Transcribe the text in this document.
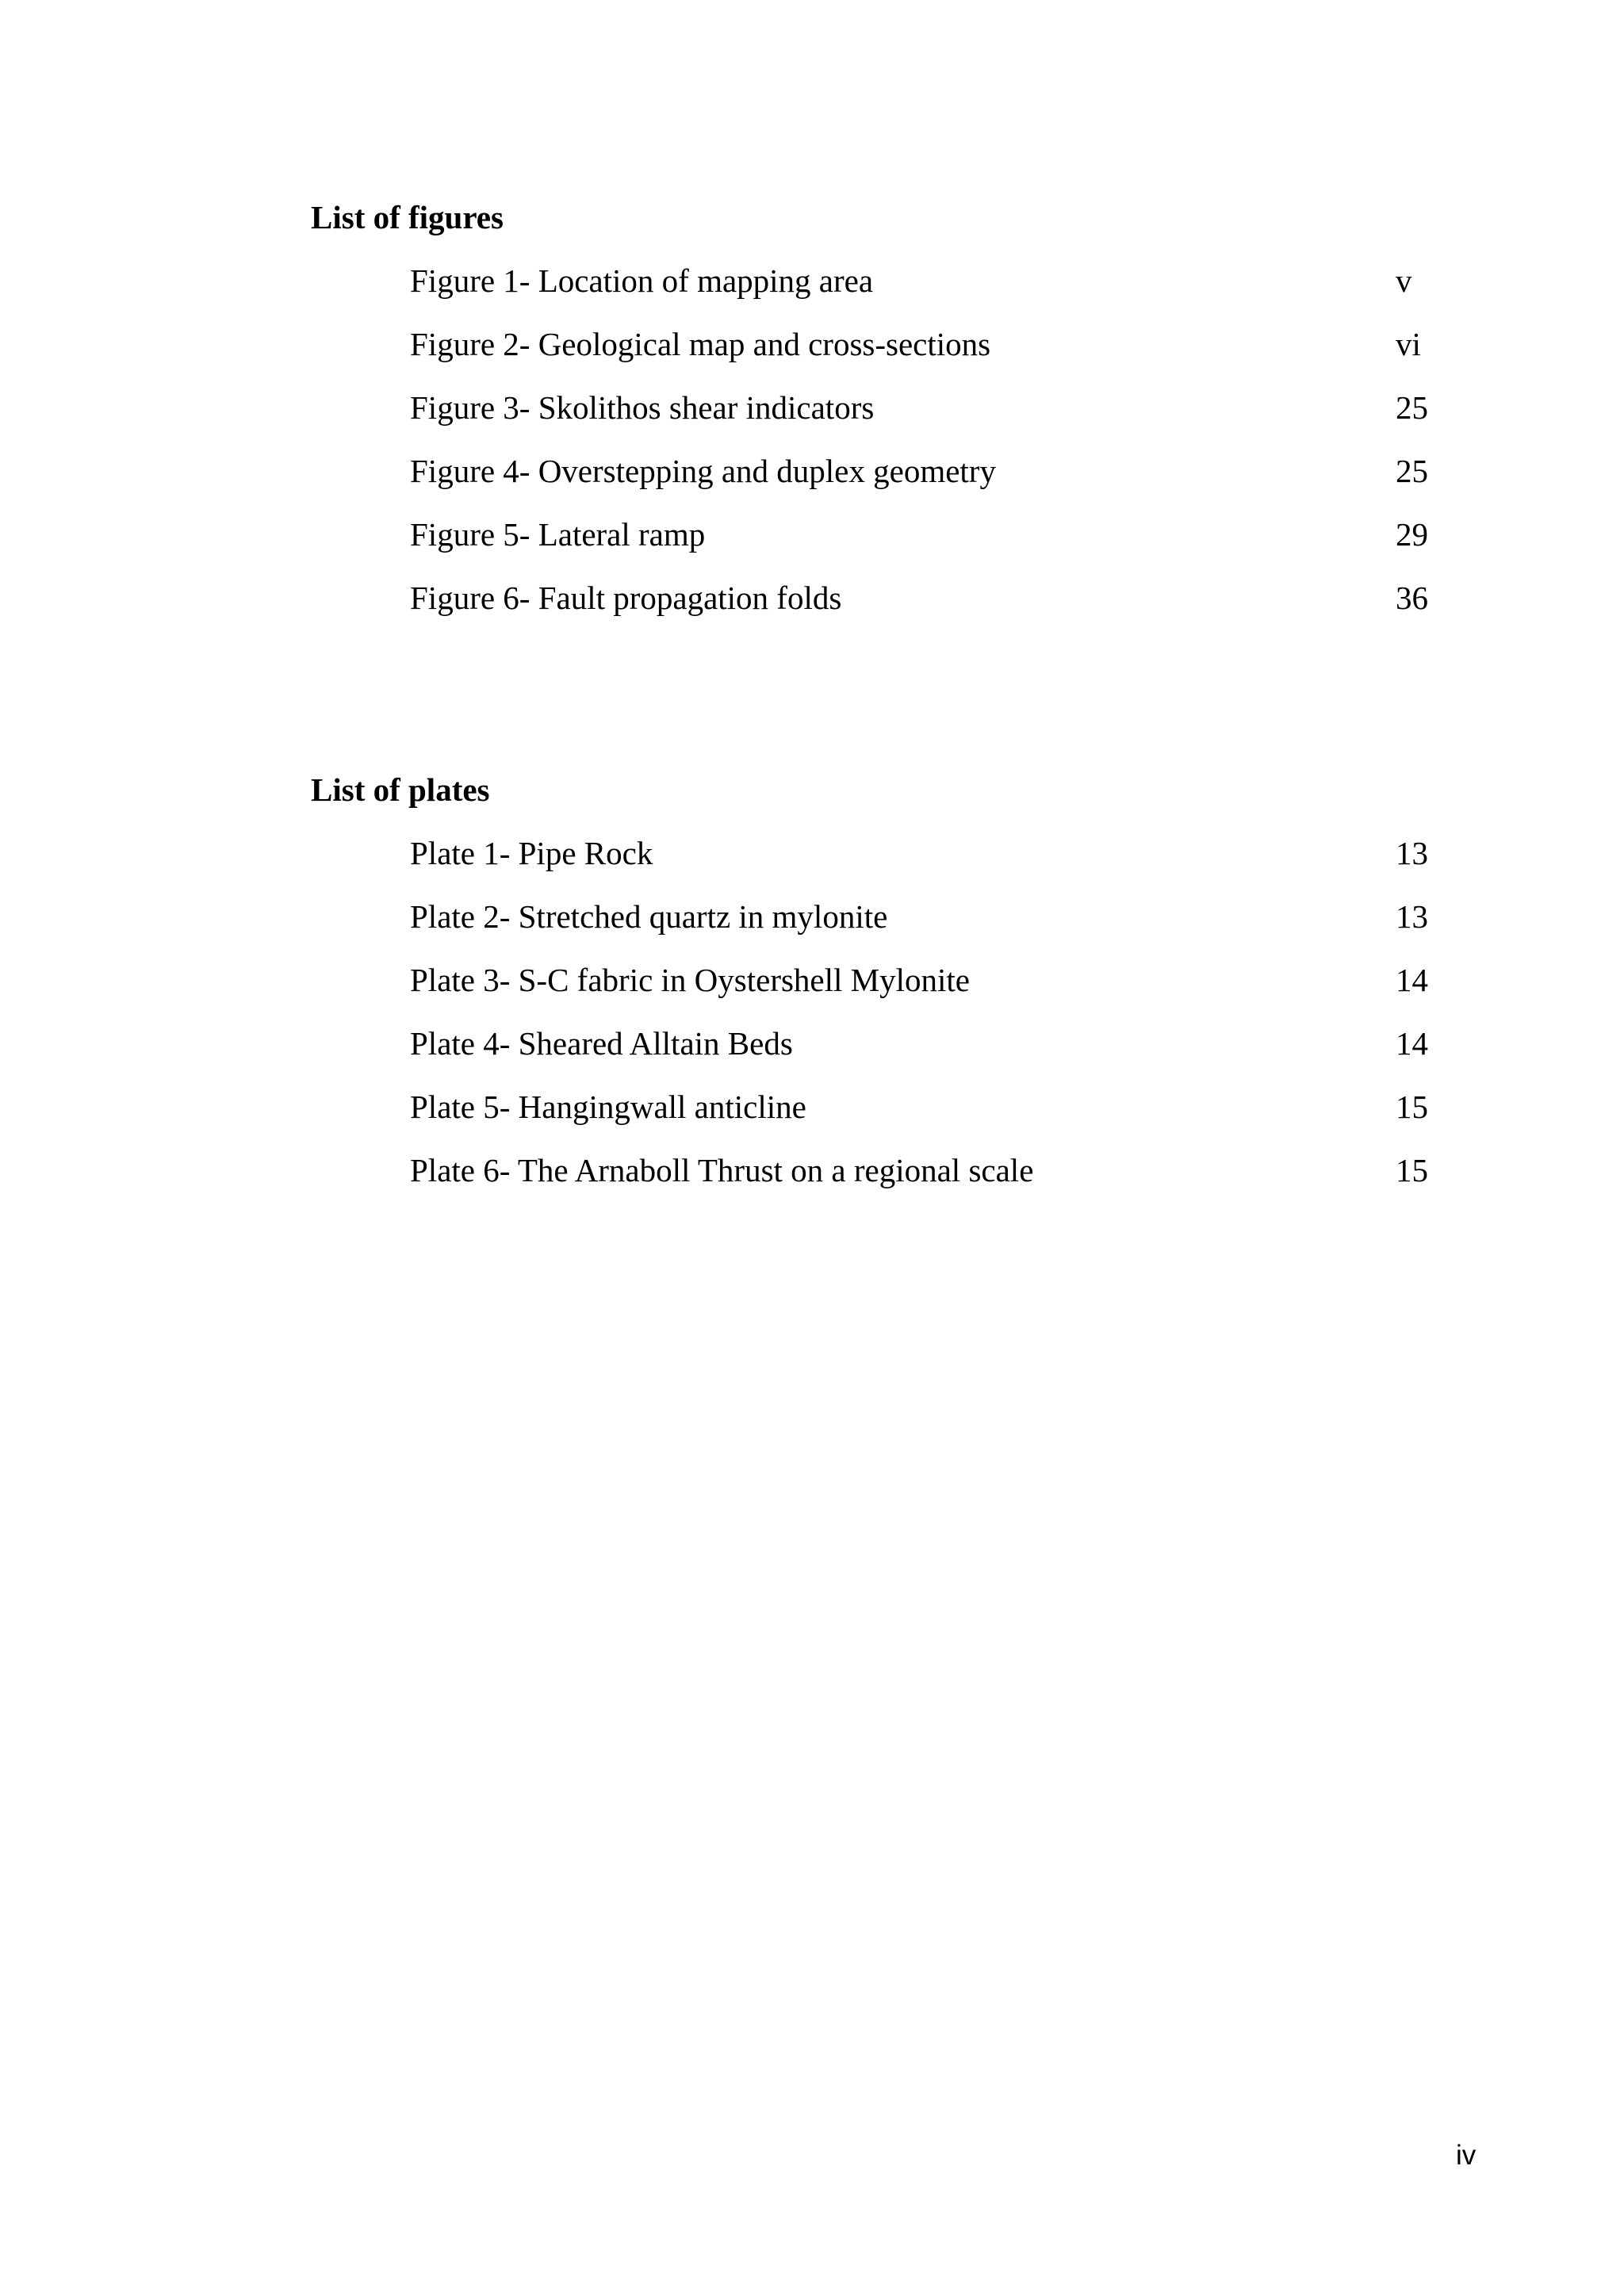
List of figures
Figure 1- Location of mapping area	v
Figure 2- Geological map and cross-sections	vi
Figure 3- Skolithos shear indicators	25
Figure 4- Overstepping and duplex geometry	25
Figure 5- Lateral ramp	29
Figure 6- Fault propagation folds	36
List of plates
Plate 1- Pipe Rock	13
Plate 2- Stretched quartz in mylonite	13
Plate 3- S-C fabric in Oystershell Mylonite	14
Plate 4- Sheared Alltain Beds	14
Plate 5- Hangingwall anticline	15
Plate 6- The Arnaboll Thrust on a regional scale	15
iv
